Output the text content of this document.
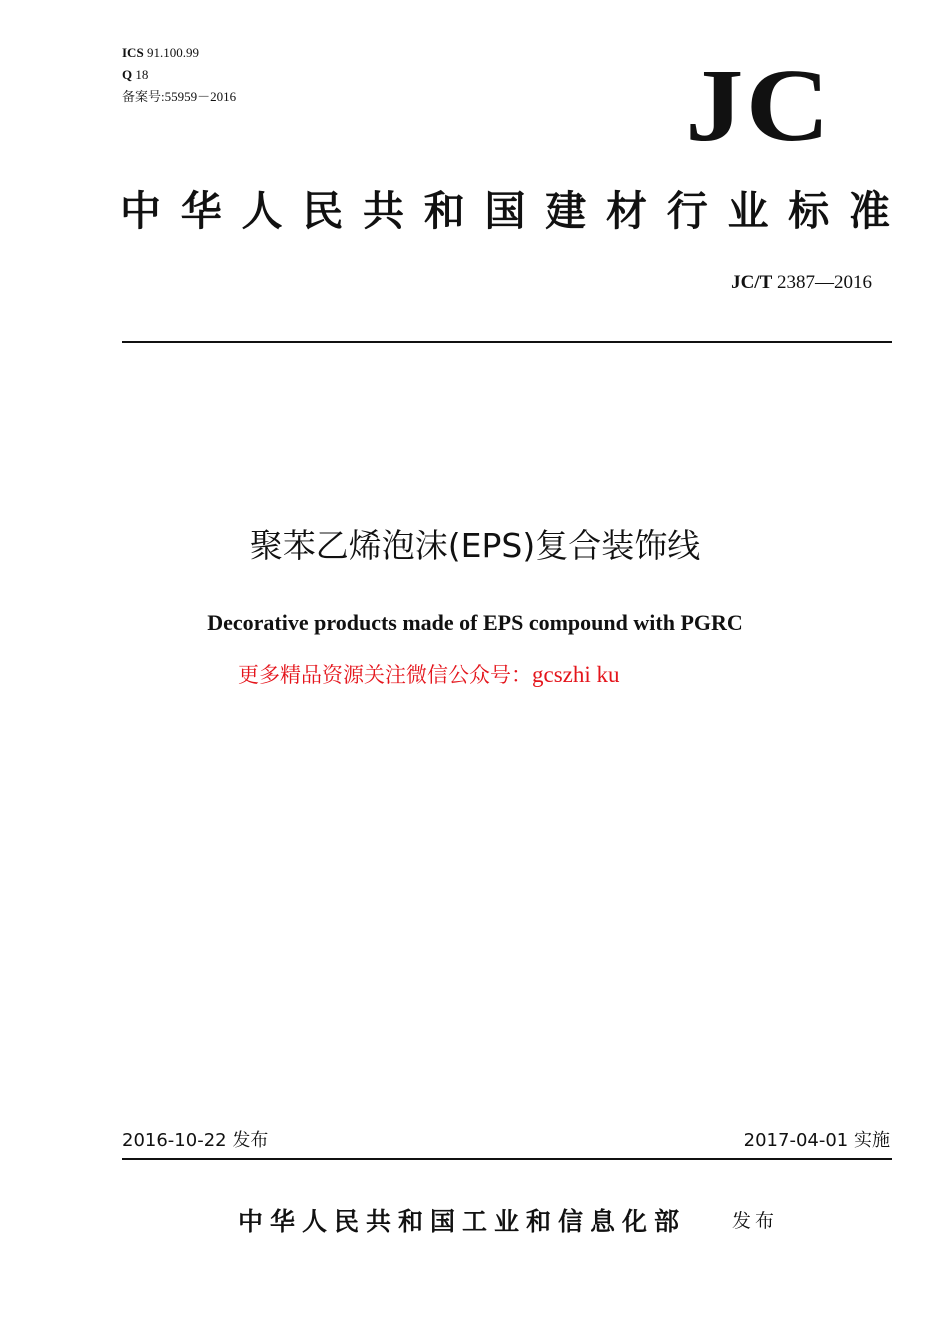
ICS 91.100.99
Q 18
备案号:55959－2016	JC
中华人民共和国建材行业标准
JC/T 2387—2016
聚苯乙烯泡沫(EPS)复合装饰线
Decorative products made of EPS compound with PGRC
更多精品资源关注微信公众号：gcszhi ku
2016-10-22 发布	2017-04-01 实施
中华人民共和国工业和信息化部 发布
